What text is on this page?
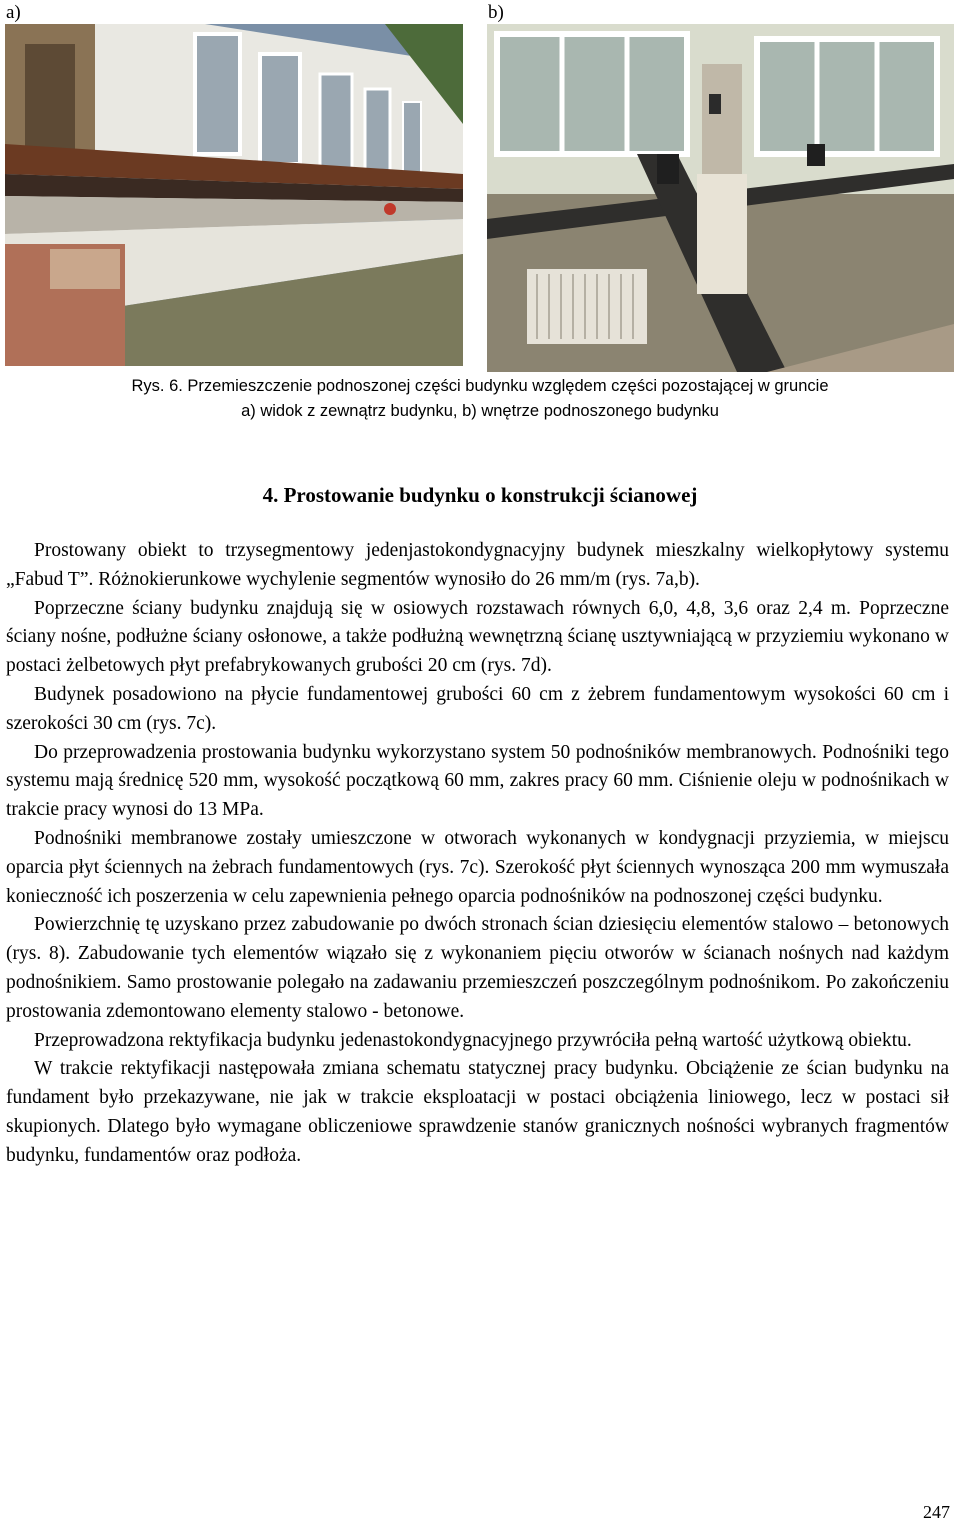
a)	b)
Rys. 6. Przemieszczenie podnoszonej części budynku względem części pozostającej w gruncie
a) widok z zewnątrz budynku, b) wnętrze podnoszonego budynku
4. Prostowanie budynku o konstrukcji ścianowej

Prostowany obiekt to trzysegmentowy jedenjastokondygnacyjny budynek mieszkalny wielkopłytowy systemu „Fabud T”. Różnokierunkowe wychylenie segmentów wynosiło do 26 mm/m (rys. 7a,b).

Poprzeczne ściany budynku znajdują się w osiowych rozstawach równych 6,0, 4,8, 3,6 oraz 2,4 m. Poprzeczne ściany nośne, podłużne ściany osłonowe, a także podłużną wewnętrzną ścianę usztywniającą w przyziemiu wykonano w postaci żelbetowych płyt prefabrykowanych grubości 20 cm (rys. 7d).

Budynek posadowiono na płycie fundamentowej grubości 60 cm z żebrem fundamentowym wysokości 60 cm i szerokości 30 cm (rys. 7c).

Do przeprowadzenia prostowania budynku wykorzystano system 50 podnośników membranowych. Podnośniki tego systemu mają średnicę 520 mm, wysokość początkową 60 mm, zakres pracy 60 mm. Ciśnienie oleju w podnośnikach w trakcie pracy wynosi do 13 MPa.

Podnośniki membranowe zostały umieszczone w otworach wykonanych w kondygnacji przyziemia, w miejscu oparcia płyt ściennych na żebrach fundamentowych (rys. 7c). Szerokość płyt ściennych wynosząca 200 mm wymuszała konieczność ich poszerzenia w celu zapewnienia pełnego oparcia podnośników na podnoszonej części budynku.

Powierzchnię tę uzyskano przez zabudowanie po dwóch stronach ścian dziesięciu elementów stalowo – betonowych (rys. 8). Zabudowanie tych elementów wiązało się z wykonaniem pięciu otworów w ścianach nośnych nad każdym podnośnikiem. Samo prostowanie polegało na zadawaniu przemieszczeń poszczególnym podnośnikom. Po zakończeniu prostowania zdemontowano elementy stalowo - betonowe.

Przeprowadzona rektyfikacja budynku jedenastokondygnacyjnego przywróciła pełną wartość użytkową obiektu.

W trakcie rektyfikacji następowała zmiana schematu statycznej pracy budynku. Obciążenie ze ścian budynku na fundament było przekazywane, nie jak w trakcie eksploatacji w postaci obciążenia liniowego, lecz w postaci sił skupionych. Dlatego było wymagane obliczeniowe sprawdzenie stanów granicznych nośności wybranych fragmentów budynku, fundamentów oraz podłoża.

247
